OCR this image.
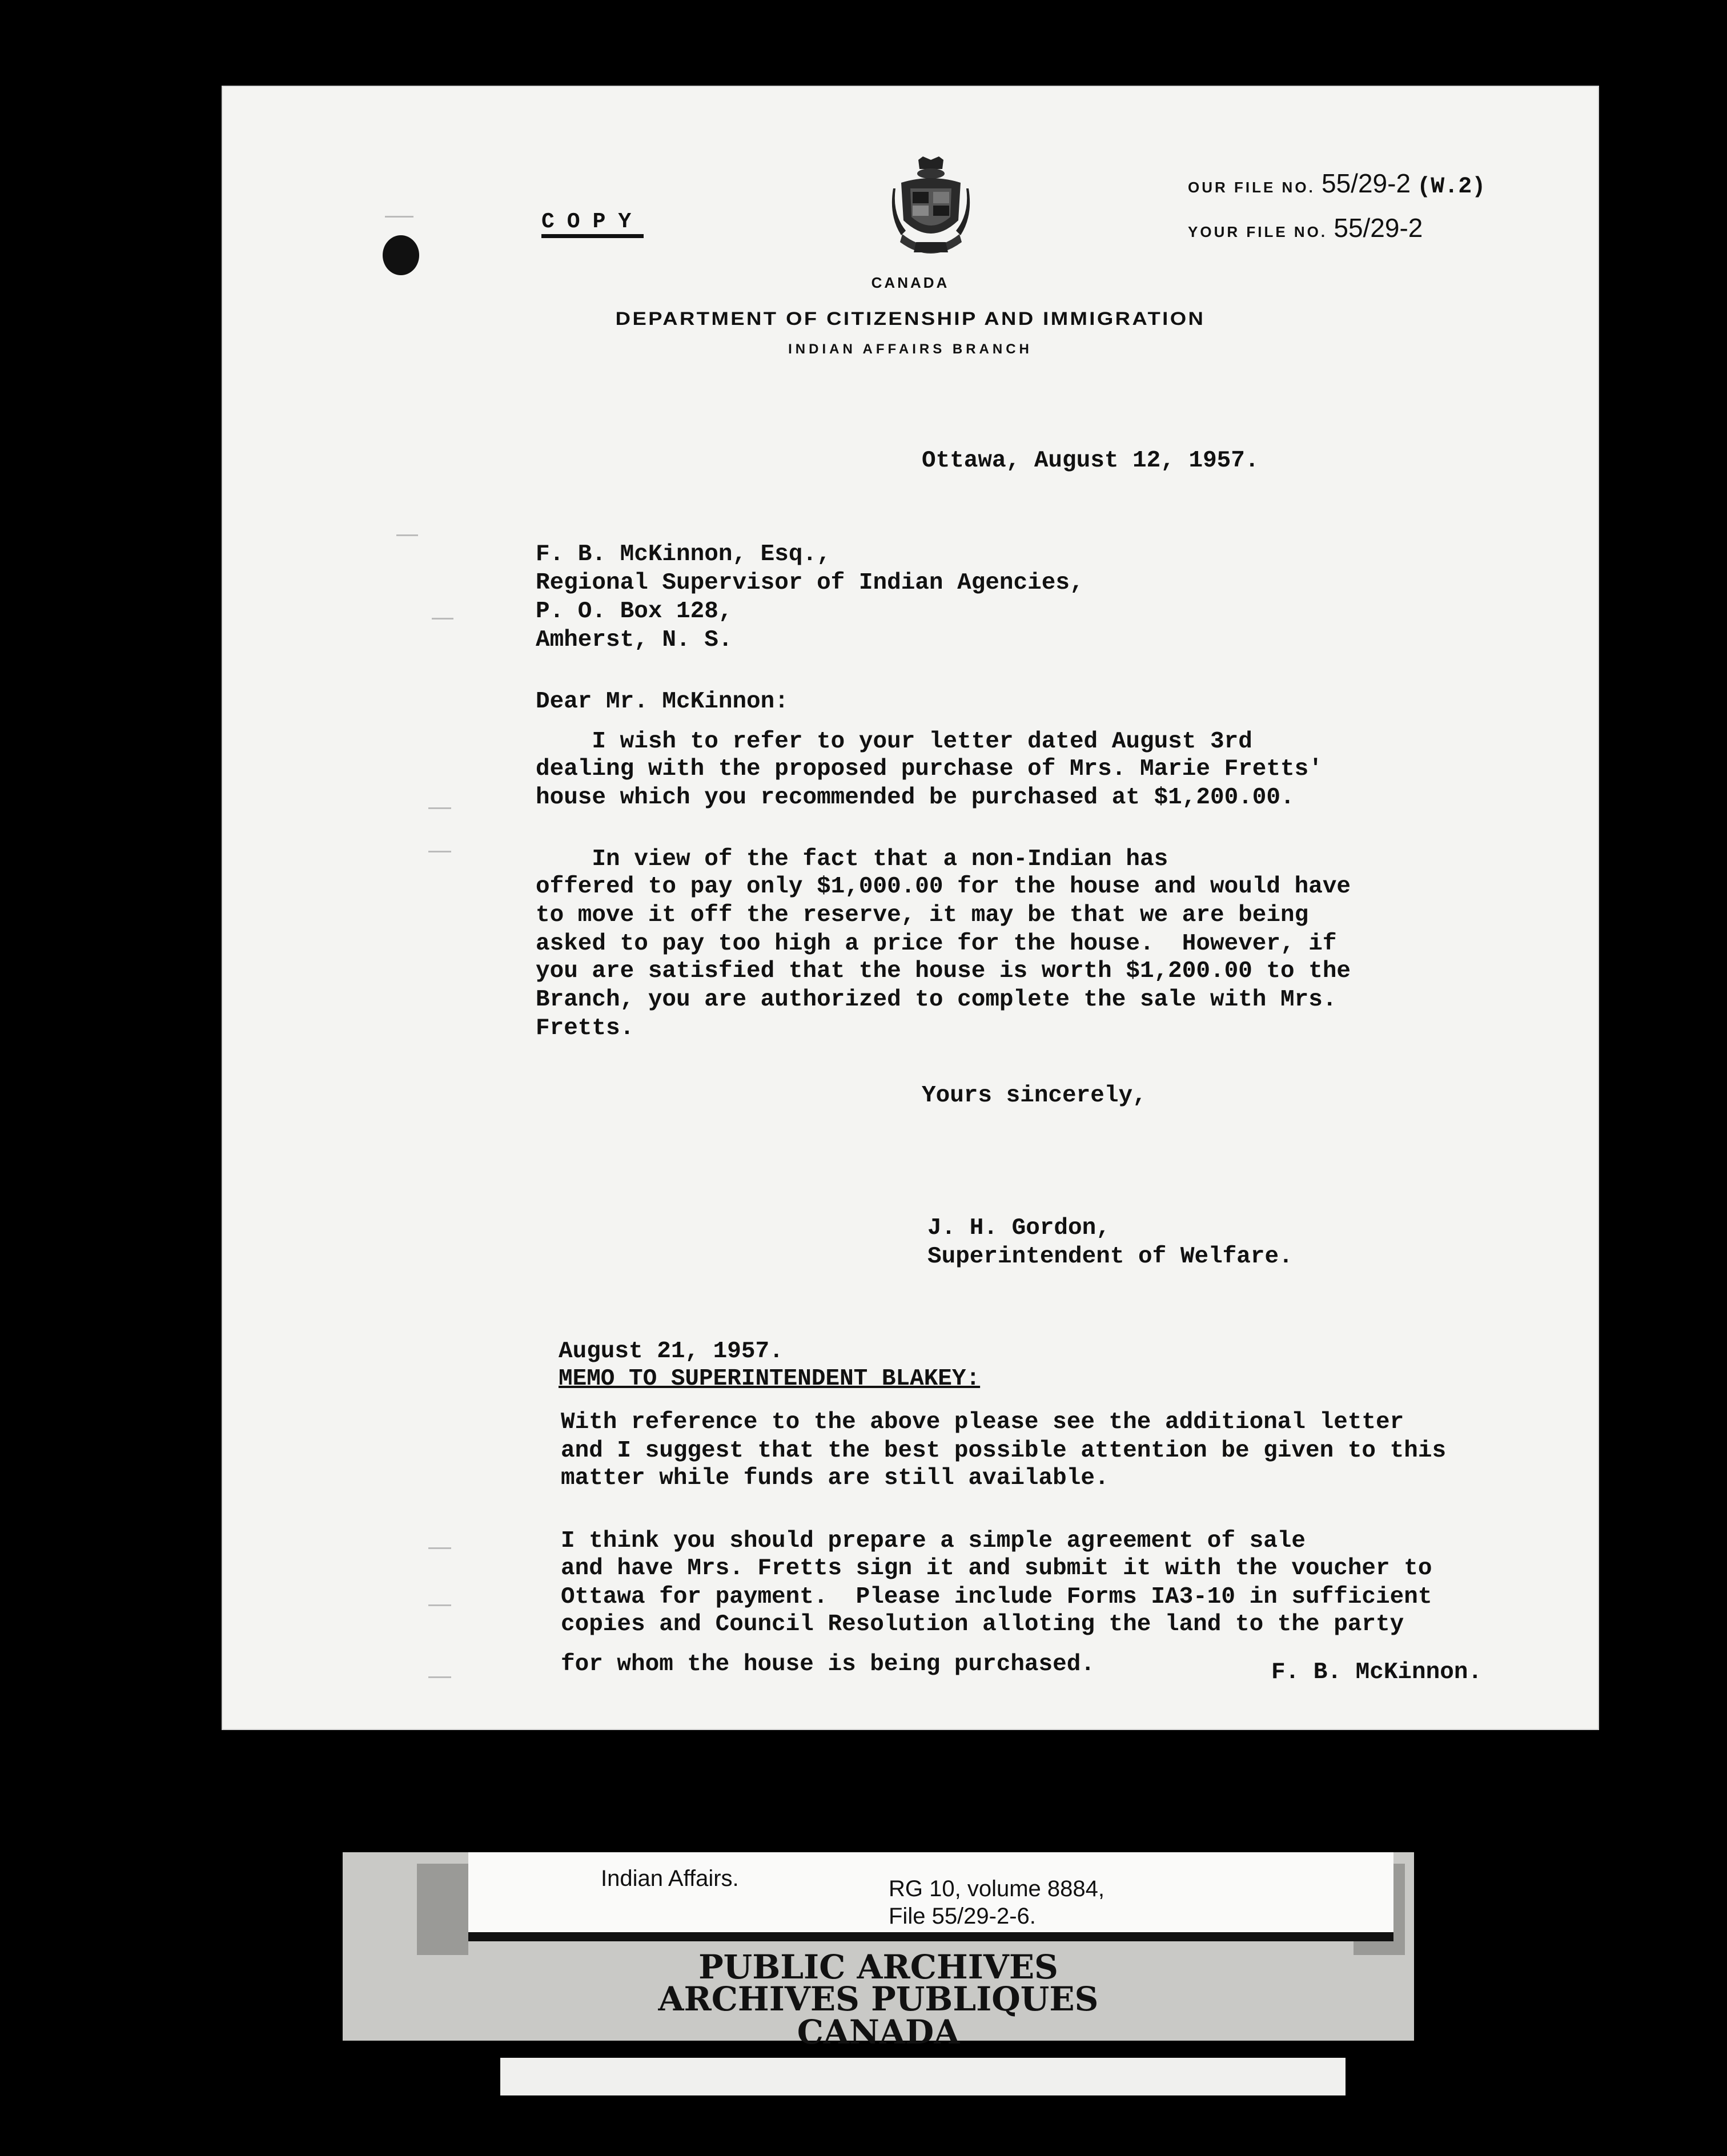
COPY
OUR FILE NO. 55/29-2 (W.2)
YOUR FILE NO. 55/29-2
CANADA
DEPARTMENT OF CITIZENSHIP AND IMMIGRATION
INDIAN AFFAIRS BRANCH
Ottawa, August 12, 1957.
F. B. McKinnon, Esq.,
Regional Supervisor of Indian Agencies,
P. O. Box 128,
Amherst, N. S.
Dear Mr. McKinnon:
I wish to refer to your letter dated August 3rd
dealing with the proposed purchase of Mrs. Marie Fretts'
house which you recommended be purchased at $1,200.00.
In view of the fact that a non-Indian has
offered to pay only $1,000.00 for the house and would have
to move it off the reserve, it may be that we are being
asked to pay too high a price for the house.  However, if
you are satisfied that the house is worth $1,200.00 to the
Branch, you are authorized to complete the sale with Mrs.
Fretts.
Yours sincerely,
J. H. Gordon,
Superintendent of Welfare.
August 21, 1957.
MEMO TO SUPERINTENDENT BLAKEY:
With reference to the above please see the additional letter
and I suggest that the best possible attention be given to this
matter while funds are still available.
I think you should prepare a simple agreement of sale
and have Mrs. Fretts sign it and submit it with the voucher to
Ottawa for payment.  Please include Forms IA3-10 in sufficient
copies and Council Resolution alloting the land to the party
for whom the house is being purchased.	F. B. McKinnon.
Indian Affairs.	RG 10, volume 8884,
File 55/29-2-6.
PUBLIC ARCHIVES
ARCHIVES PUBLIQUES
CANADA
